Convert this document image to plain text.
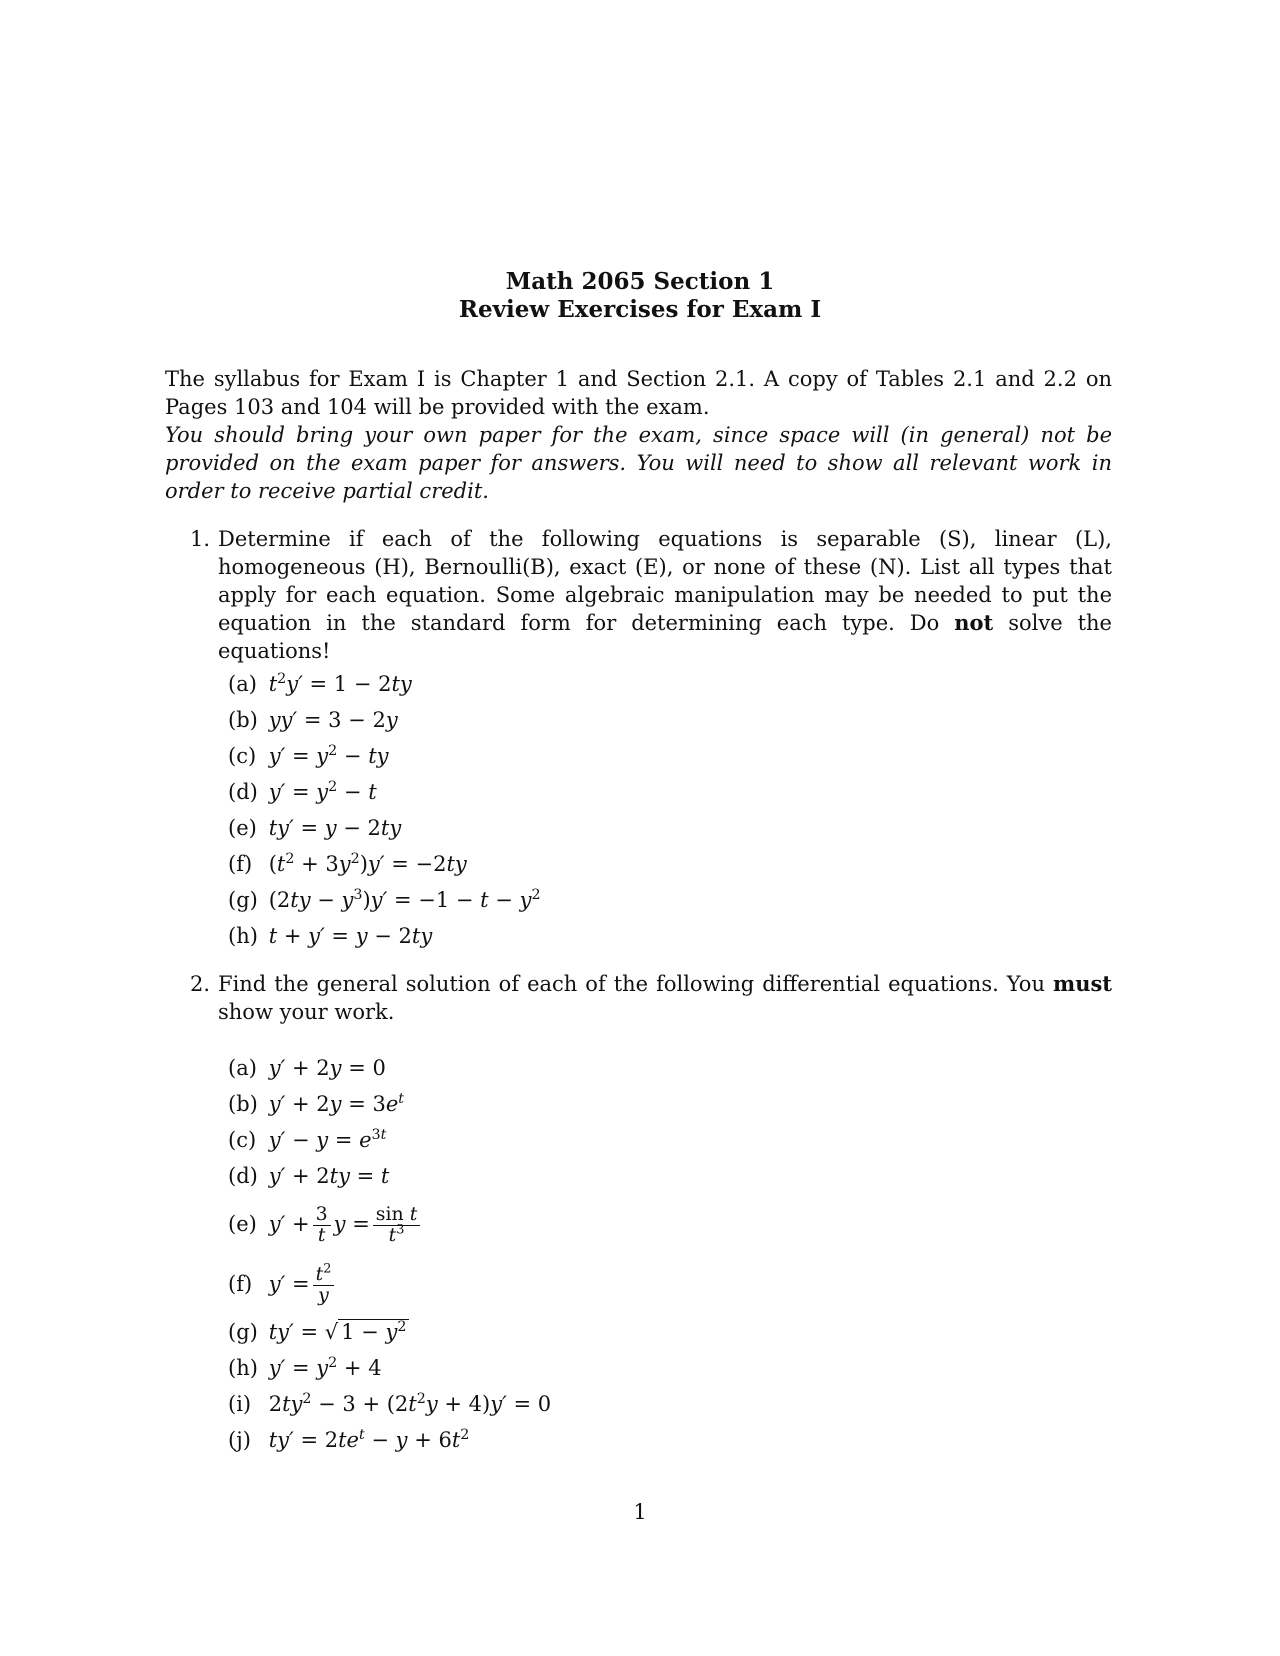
Math 2065 Section 1
Review Exercises for Exam I

The syllabus for Exam I is Chapter 1 and Section 2.1. A copy of Tables 2.1 and 2.2 on Pages 103 and 104 will be provided with the exam.

You should bring your own paper for the exam, since space will (in general) not be provided on the exam paper for answers. You will need to show all relevant work in order to receive partial credit.

1. Determine if each of the following equations is separable (S), linear (L), homogeneous (H), Bernoulli(B), exact (E), or none of these (N). List all types that apply for each equation. Some algebraic manipulation may be needed to put the equation in the standard form for determining each type. Do not solve the equations!
(a) $t^2y' = 1 - 2ty$
(b) yy′ = 3 − 2y
(c) $y' = y^2$ − ty
(d) $y' = y^2 - t$
(e) ty′ = y − 2ty
(f) $(t^2 + 3y^2)y' = -2ty$
(g) $(2ty - y^3)y' = -1 - t - y^2$
(h) t + y′ = y − 2ty
2. Find the general solution of each of the following differential equations. You must show your work.
(a) y′ + 2y = 0
(b) $y' + 2y = 3e^t$
(c) $y' - y = e^{3t}$
(d) y′ + 2ty = t
(e) $y' + \frac{3}{t}$ $y = \frac{\text{sin t}}{t^3}$
(f) $y' = \frac{t^2}{y}$
(g) ty′ = √ $1 - y^2$
(h) $y' = y^2 + 4$
(i) $2ty^2 - 3 + (2t^2y + 4)y' = 0$
(j) $ty' = 2te^t - y + 6t^2$
1
